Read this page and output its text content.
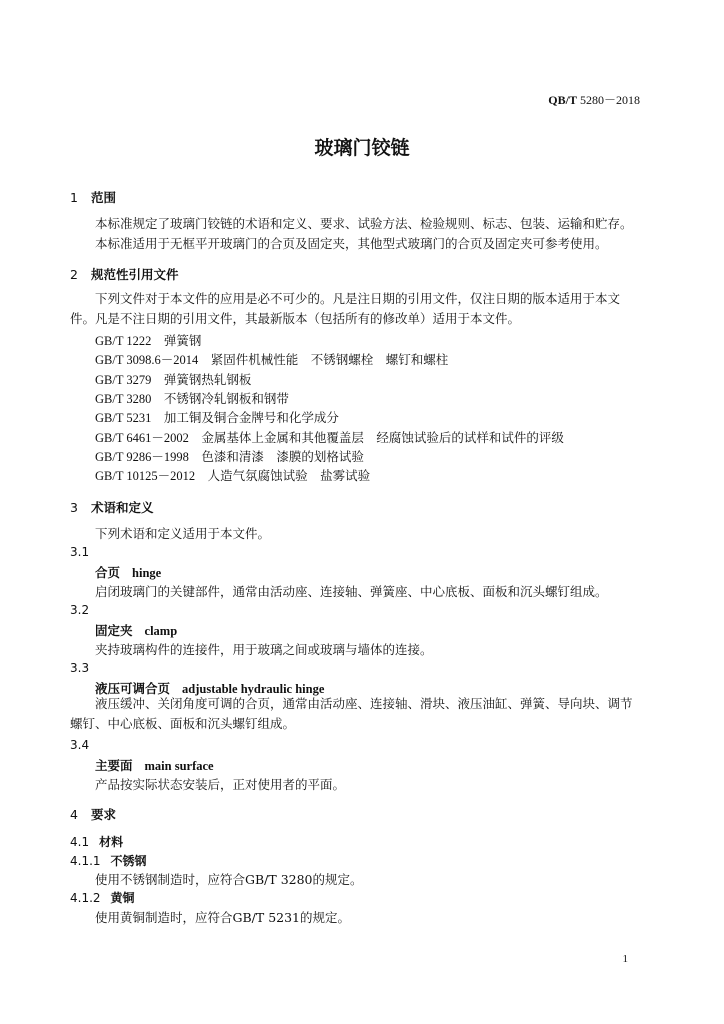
QB/T 5280－2018
玻璃门铰链
1 范围
本标准规定了玻璃门铰链的术语和定义、要求、试验方法、检验规则、标志、包装、运输和贮存。
本标准适用于无框平开玻璃门的合页及固定夹，其他型式玻璃门的合页及固定夹可参考使用。
2 规范性引用文件
下列文件对于本文件的应用是必不可少的。凡是注日期的引用文件，仅注日期的版本适用于本文件。凡是不注日期的引用文件，其最新版本（包括所有的修改单）适用于本文件。
GB/T 1222　 弹簧钢
GB/T 3098.6－2014　 紧固件机械性能　不锈钢螺栓　螺钉和螺柱
GB/T 3279　 弹簧钢热轧钢板
GB/T 3280　 不锈钢冷轧钢板和钢带
GB/T 5231　 加工铜及铜合金牌号和化学成分
GB/T 6461－2002　 金属基体上金属和其他覆盖层　经腐蚀试验后的试样和试件的评级
GB/T 9286－1998　 色漆和清漆　漆膜的划格试验
GB/T 10125－2012　 人造气氛腐蚀试验　盐雾试验
3 术语和定义
下列术语和定义适用于本文件。
3.1
合页 hinge
启闭玻璃门的关键部件，通常由活动座、连接轴、弹簧座、中心底板、面板和沉头螺钉组成。
3.2
固定夹 clamp
夹持玻璃构件的连接件，用于玻璃之间或玻璃与墙体的连接。
3.3
液压可调合页 adjustable hydraulic hinge
液压缓冲、关闭角度可调的合页，通常由活动座、连接轴、滑块、液压油缸、弹簧、导向块、调节螺钉、中心底板、面板和沉头螺钉组成。
3.4
主要面 main surface
产品按实际状态安装后，正对使用者的平面。
4 要求
4.1 材料
4.1.1 不锈钢
使用不锈钢制造时，应符合GB/T 3280的规定。
4.1.2 黄铜
使用黄铜制造时，应符合GB/T 5231的规定。
1
